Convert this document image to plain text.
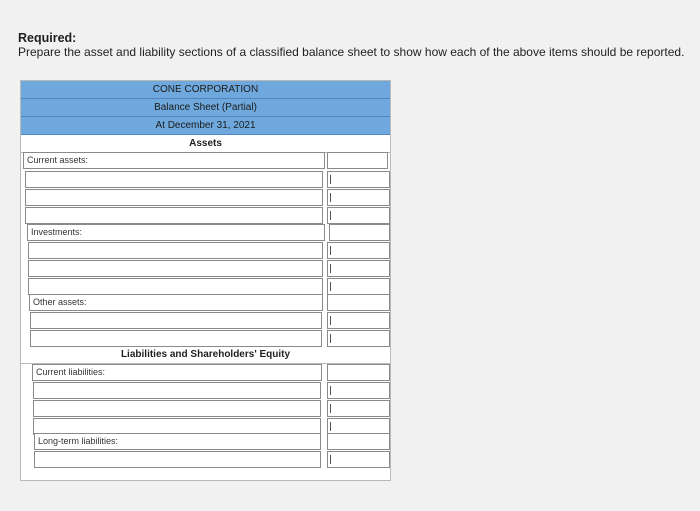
Required:
Prepare the asset and liability sections of a classified balance sheet to show how each of the above items should be reported.
CONE CORPORATION
Balance Sheet (Partial)
At December 31, 2021
Assets
Current assets:
Investments:
Other assets:
Liabilities and Shareholders' Equity
Current liabilities:
Long-term liabilities:
